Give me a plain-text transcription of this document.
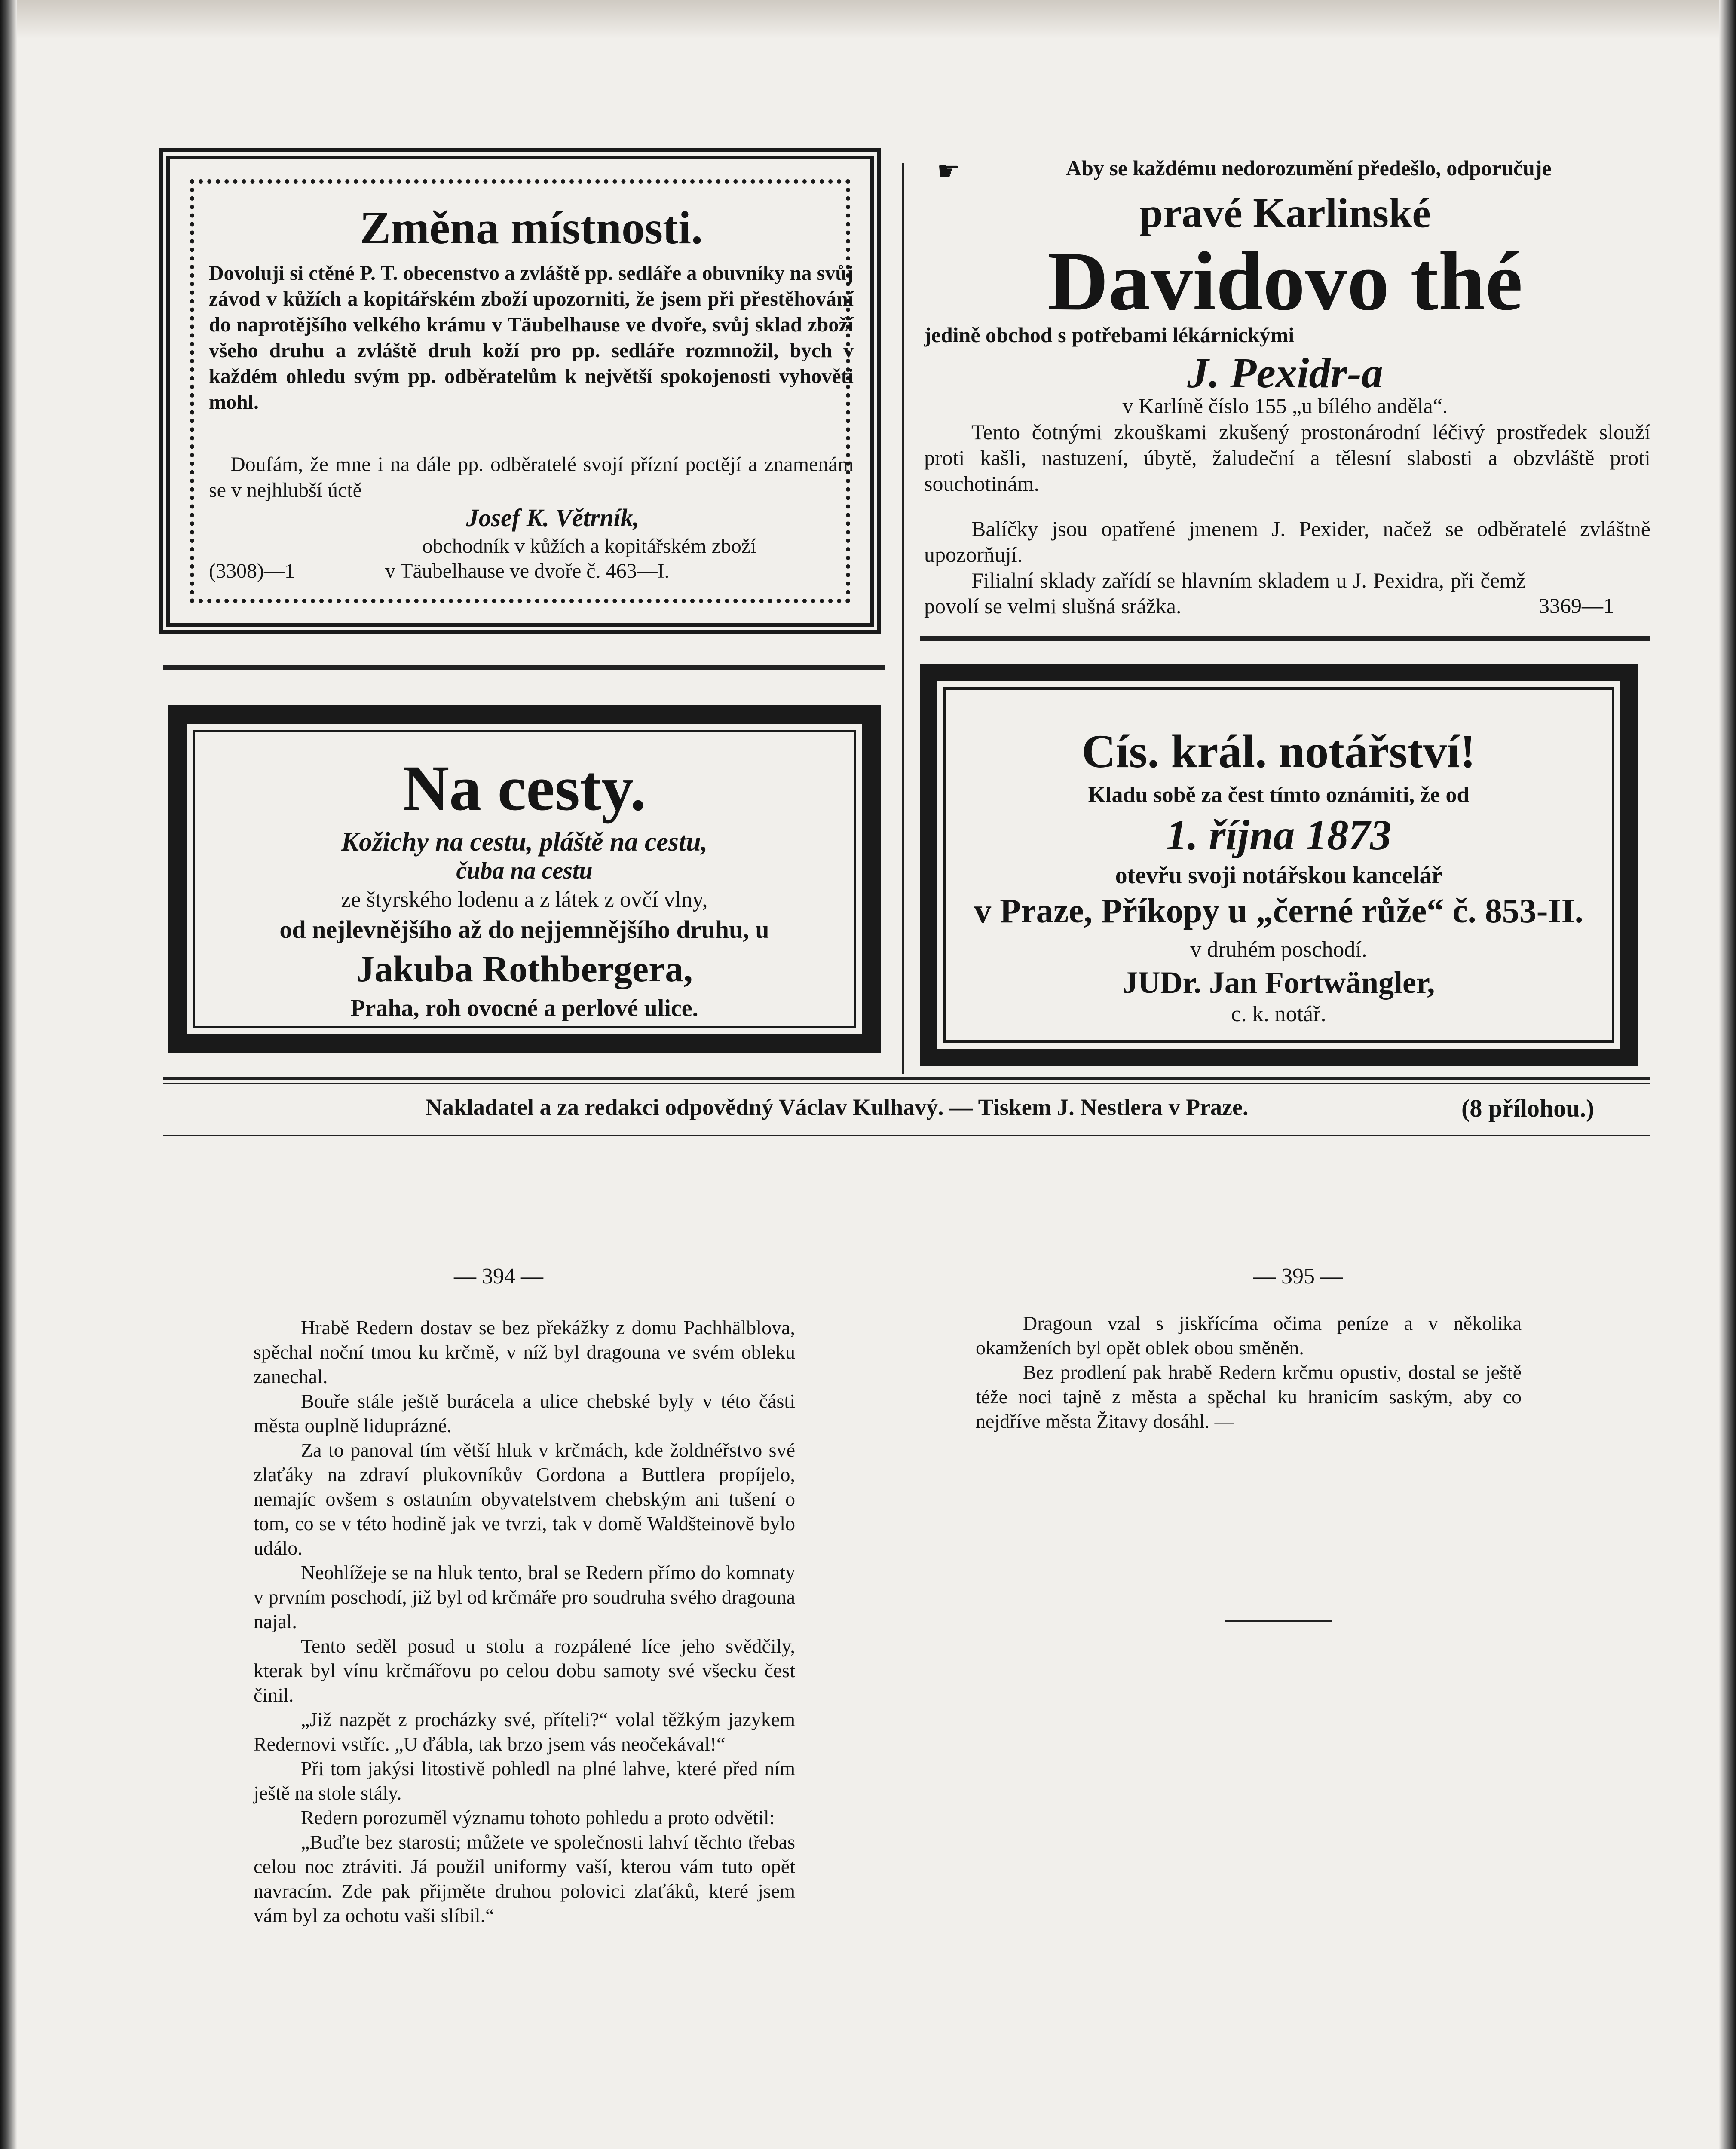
Změna místnosti.

Dovoluji si ctěné P. T. obecenstvo a zvláště pp. sedláře a obuvníky na svůj závod v kůžích a kopitářském zboží upozorniti, že jsem při přestěhování do naprotějšího velkého krámu v Täubelhause ve dvoře, svůj sklad zboží všeho druhu a zvláště druh koží pro pp. sedláře rozmnožil, bych v každém ohledu svým pp. odběratelům k největší spokojenosti vyhověti mohl.

Doufám, že mne i na dále pp. odběratelé svojí přízní poctějí a znamenám se v nejhlubší úctě

Josef K. Větrník,
obchodník v kůžích a kopitářském zboží
(3308)—1	v Täubelhause ve dvoře č. 463—I.
☛	Aby se každému nedorozumění předešlo, odporučuje
pravé Karlinské
Davidovo thé
jedině obchod s potřebami lékárnickými
J. Pexidr-a
v Karlíně číslo 155 „u bílého anděla“.

Tento čotnými zkouškami zkušený prostonárodní léčivý prostředek slouží proti kašli, nastuzení, úbytě, žaludeční a tělesní slabosti a obzvláště proti souchotinám.

Balíčky jsou opatřené jmenem J. Pexider, načež se odběratelé zvláštně upozorňují.

Filialní sklady zařídí se hlavním skladem u J. Pexidra, při čemž povolí se velmi slušná srážka.	3369—1
Na cesty.
Kožichy na cestu, pláště na cestu,
čuba na cestu
ze štyrského lodenu a z látek z ovčí vlny,
od nejlevnějšího až do nejjemnějšího druhu, u
Jakuba Rothbergera,
Praha, roh ovocné a perlové ulice.
Cís. král. notářství!
Kladu sobě za čest tímto oznámiti, že od
1. října 1873
otevřu svoji notářskou kancelář
v Praze, Příkopy u „černé růže“ č. 853-II.
v druhém poschodí.
JUDr. Jan Fortwängler,
c. k. notář.
Nakladatel a za redakci odpovědný Václav Kulhavý. — Tiskem J. Nestlera v Praze.	(8 přílohou.)
— 394 —

Hrabě Redern dostav se bez překážky z domu Pachhälblova, spěchal noční tmou ku krčmě, v níž byl dragouna ve svém obleku zanechal.

Bouře stále ještě burácela a ulice chebské byly v této části města ouplně liduprázné.

Za to panoval tím větší hluk v krčmách, kde žoldnéřstvo své zlaťáky na zdraví plukovníkův Gordona a Buttlera propíjelo, nemajíc ovšem s ostatním obyvatelstvem chebským ani tušení o tom, co se v této hodině jak ve tvrzi, tak v domě Waldšteinově bylo událo.

Neohlížeje se na hluk tento, bral se Redern přímo do komnaty v prvním poschodí, již byl od krčmáře pro soudruha svého dragouna najal.

Tento seděl posud u stolu a rozpálené líce jeho svědčily, kterak byl vínu krčmářovu po celou dobu samoty své všecku čest činil.

„Již nazpět z procházky své, příteli?“ volal těžkým jazykem Redernovi vstříc. „U ďábla, tak brzo jsem vás neočekával!“

Při tom jakýsi litostivě pohledl na plné lahve, které před ním ještě na stole stály.

Redern porozuměl významu tohoto pohledu a proto odvětil:

„Buďte bez starosti; můžete ve společnosti lahví těchto třebas celou noc ztráviti. Já použil uniformy vaší, kterou vám tuto opět navracím. Zde pak přijměte druhou polovici zlaťáků, které jsem vám byl za ochotu vaši slíbil.“

— 395 —

Dragoun vzal s jiskřícíma očima peníze a v několika okamženích byl opět oblek obou směněn.

Bez prodlení pak hrabě Redern krčmu opustiv, dostal se ještě téže noci tajně z města a spěchal ku hranicím saským, aby co nejdříve města Žitavy dosáhl. —
